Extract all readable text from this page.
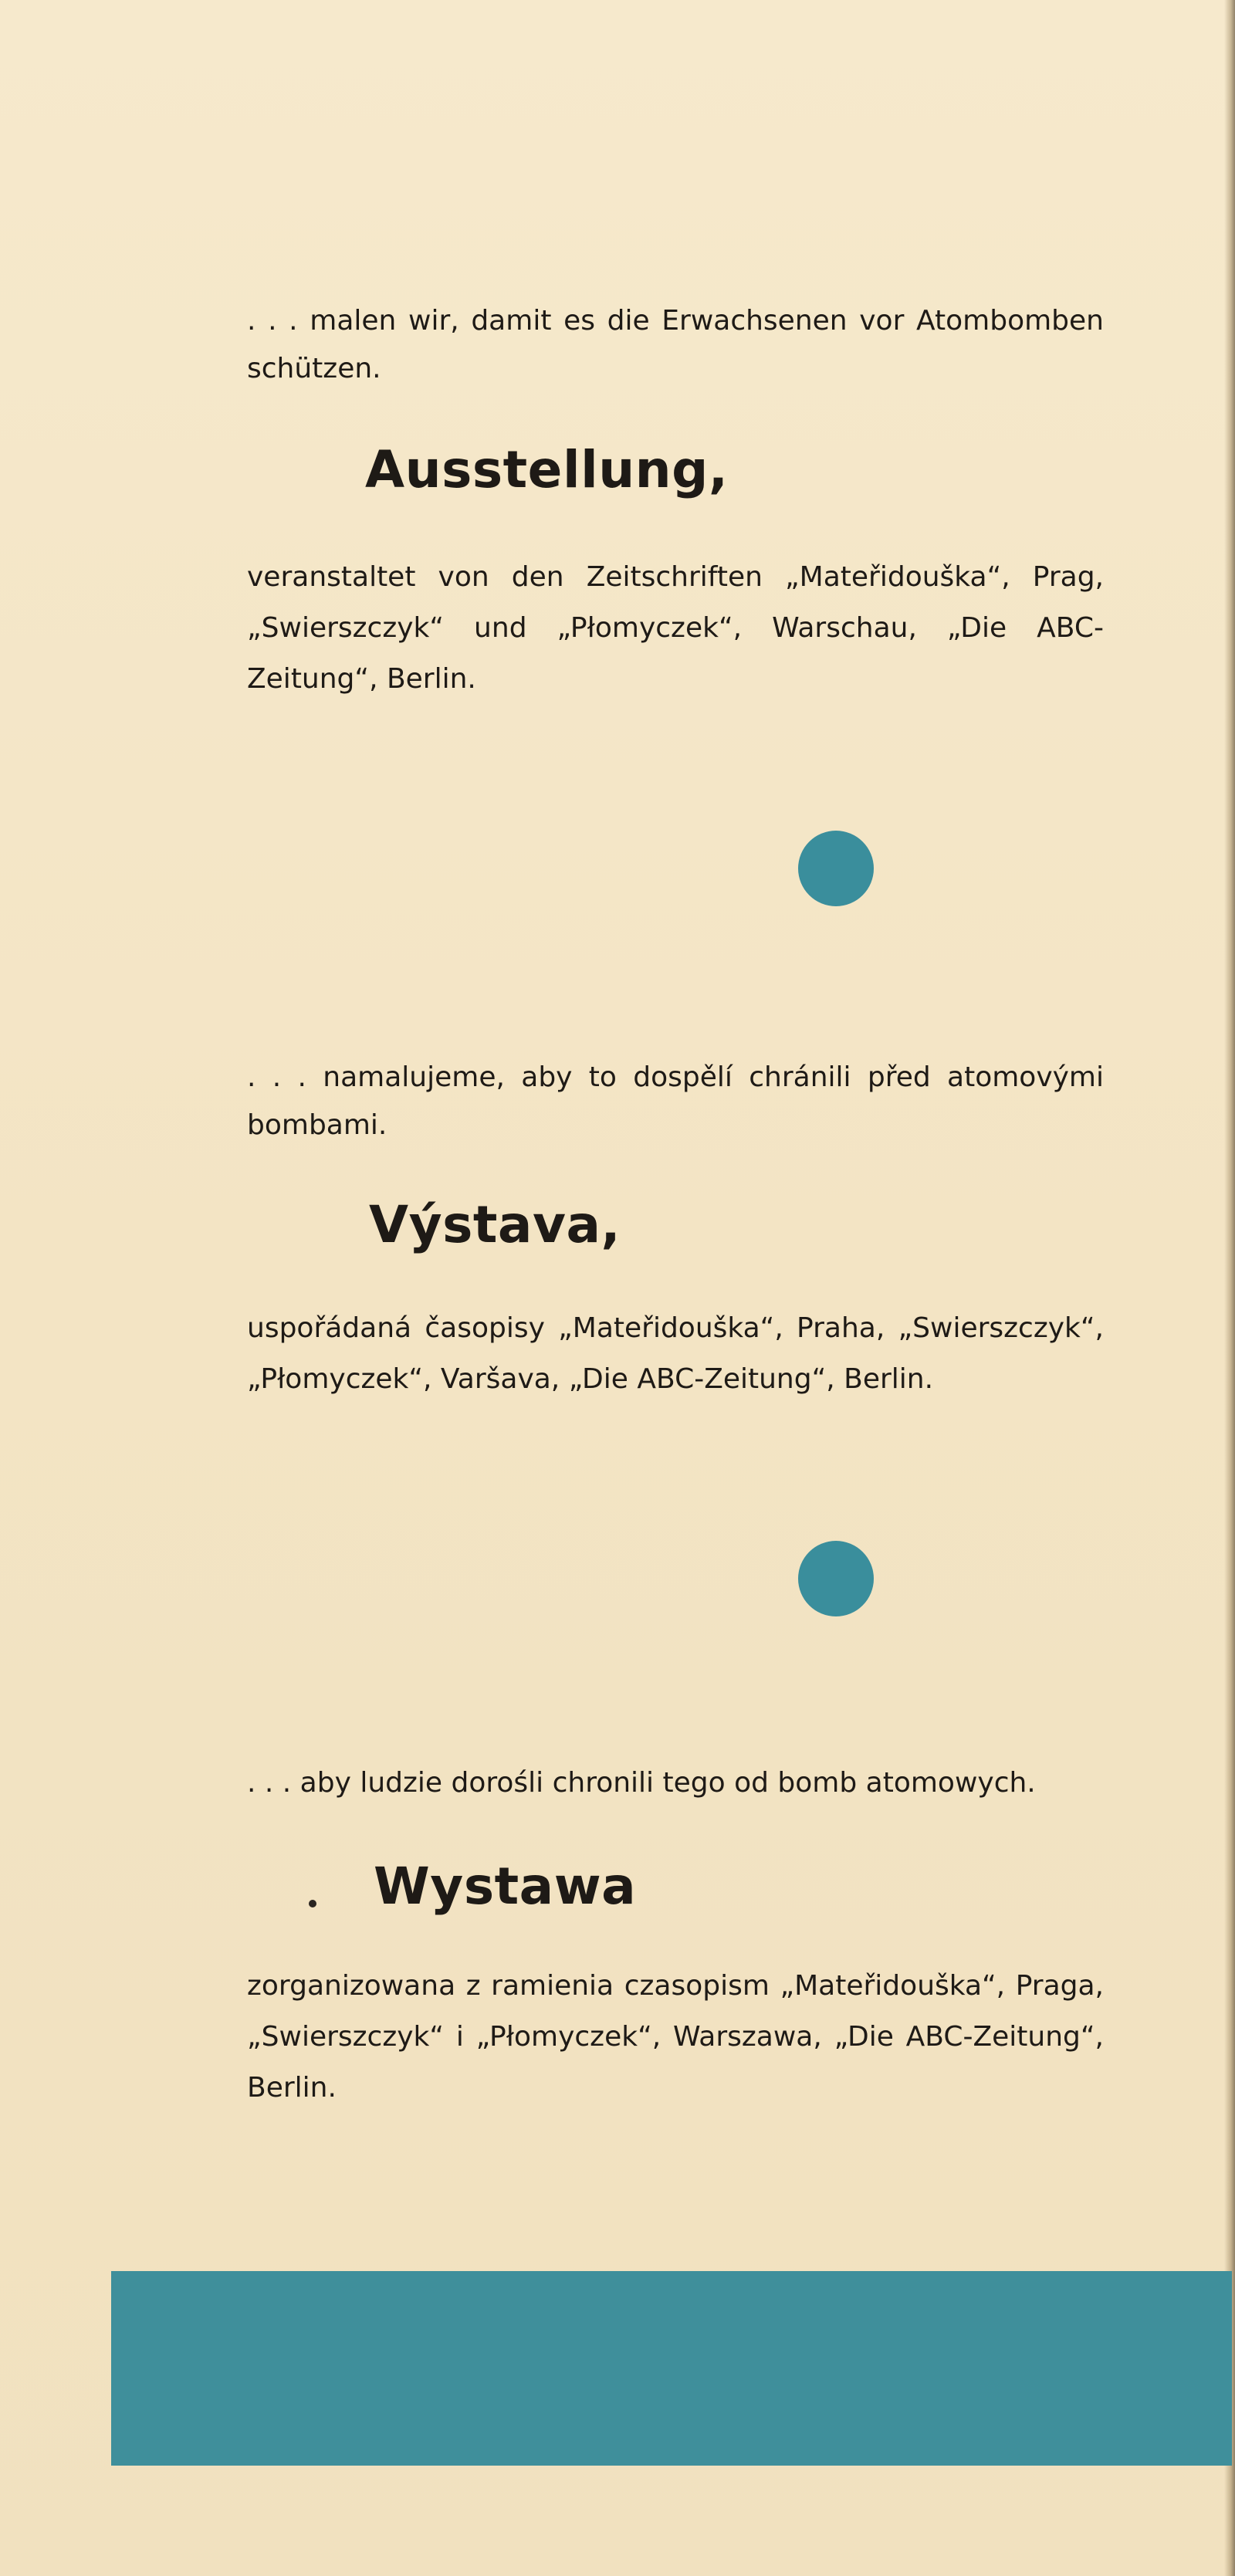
. . . malen wir, damit es die Erwachsenen vor Atombomben schützen.

Ausstellung,

veranstaltet von den Zeitschriften „Mateřidouška“, Prag, „Swierszczyk“ und „Płomyczek“, Warschau, „Die ABC-Zeitung“, Berlin.

. . . namalujeme, aby to dospělí chránili před atomovými bombami.

Výstava,

uspořádaná časopisy „Mateřidouška“, Praha, „Swierszczyk“, „Płomyczek“, Varšava, „Die ABC-Zeitung“, Berlin.

. . . aby ludzie dorośli chronili tego od bomb atomowych.

Wystawa

zorganizowana z ramienia czasopism „Mateřidouška“, Praga, „Swierszczyk“ i „Płomyczek“, Warszawa, „Die ABC-Zeitung“, Berlin.
